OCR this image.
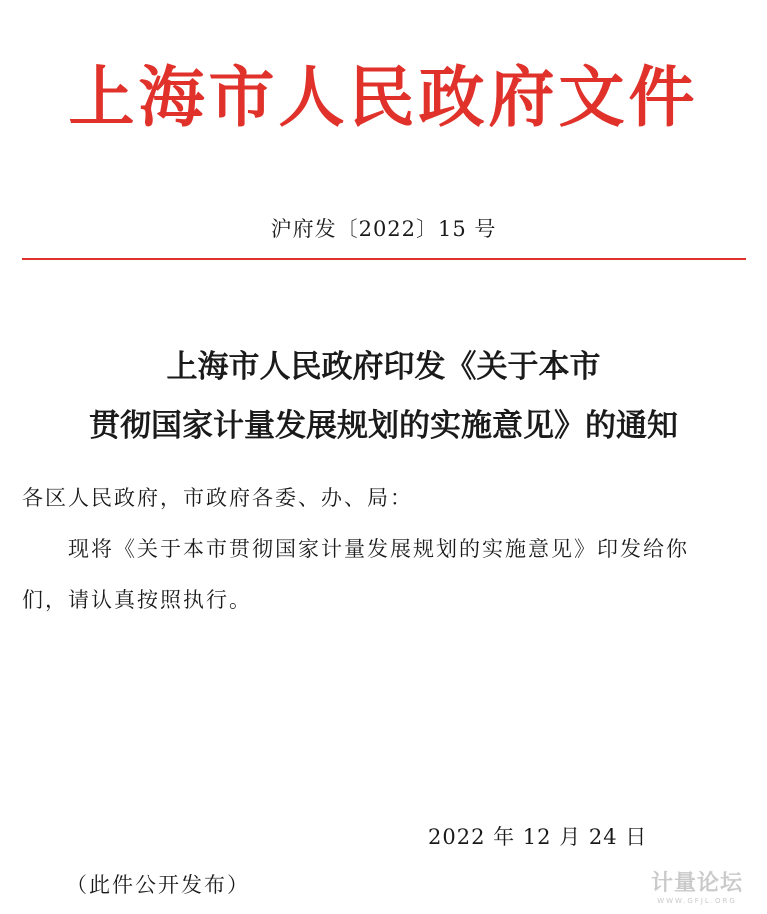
上海市人民政府文件
沪府发〔2022〕15 号
上海市人民政府印发《关于本市
贯彻国家计量发展规划的实施意见》的通知
各区人民政府，市政府各委、办、局：
现将《关于本市贯彻国家计量发展规划的实施意见》印发给你
们，请认真按照执行。
2022 年 12 月 24 日
（此件公开发布）	计量论坛
WWW.GFJL.ORG
